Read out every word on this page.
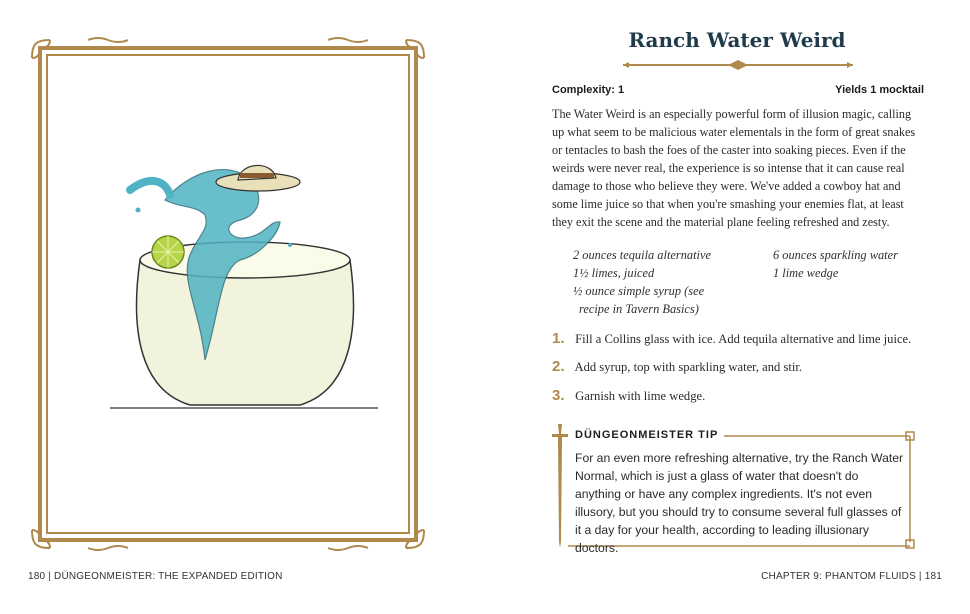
Ranch Water Weird
Complexity: 1	Yields 1 mocktail
The Water Weird is an especially powerful form of illusion magic, calling up what seem to be malicious water elementals in the form of great snakes or tentacles to bash the foes of the caster into soaking pieces. Even if the weirds were never real, the experience is so intense that it can cause real damage to those who believe they were. We've added a cowboy hat and some lime juice so that when you're smashing your enemies flat, at least they exit the scene and the material plane feeling refreshed and zesty.
2 ounces tequila alternative
1½ limes, juiced
½ ounce simple syrup (see
recipe in Tavern Basics)
6 ounces sparkling water
1 lime wedge
1. Fill a Collins glass with ice. Add tequila alternative and lime juice.
2. Add syrup, top with sparkling water, and stir.
3. Garnish with lime wedge.
DÜNGEONMEISTER TIP
For an even more refreshing alternative, try the Ranch Water Normal, which is just a glass of water that doesn't do anything or have any complex ingredients. It's not even illusory, but you should try to consume several full glasses of it a day for your health, according to leading illusionary doctors.
180 | DÜNGEONMEISTER: THE EXPANDED EDITION	CHAPTER 9: PHANTOM FLUIDS | 181
